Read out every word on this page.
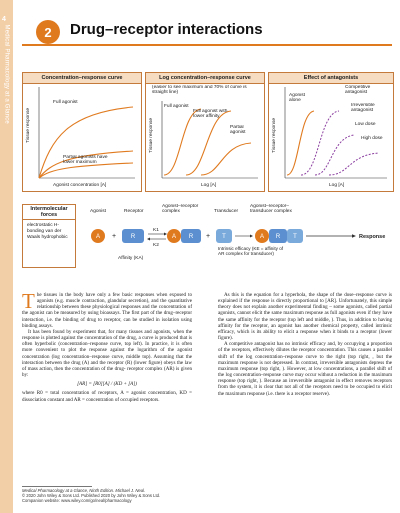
4
Medical Pharmacology at a Glance	2	Drug–receptor interactions
Concentration–response curve
Full agonist
Partial agonists have lower maximum
Tissue response
Agonist concentration [A]
Log concentration–response curve
(easier to see maximum and 70% of curve is straight line)
Full agonist
Full agonist with lower affinity
Partial agonist
Tissue response
Log [A]
Effect of antagonists
Competitive antagonist
Agonist alone
Irreversible antagonist
Low dose
High dose
Tissue response
Log [A]
Intermolecular forces
electrostatic H-bonding van der Waals hydrophobic
Agonist	Receptor
Agonist–receptor complex	Transducer
Agonist–receptor–transducer complex
A + R
K1
K2
A R + T	A R T	Response
Affinity (KA)
Intrinsic efficacy (KE = affinity of AR complex for transducer)

The tissues in the body have only a few basic responses when exposed to agonists (e.g. muscle contraction, glandular secretion), and the quantitative relationship between these physiological responses and the concentration of the agonist can be measured by using bioassays. The first part of the drug–receptor interaction, i.e. the binding of drug to receptor, can be studied in isolation using binding assays.

It has been found by experiment that, for many tissues and agonists, when the response is plotted against the concentration of the drug, a curve is produced that is often hyperbolic (concentration–response curve, top left). In practice, it is often more convenient to plot the response against the logarithm of the agonist concentration (log concentration–response curve, middle top). Assuming that the interaction between the drug (A) and the receptor (R) (lower figure) obeys the law of mass action, then the concentration of the drug- receptor complex (AR) is given by:

[AR] = [R0][A] / (KD + [A])

where R0 = total concentration of receptors, A = agonist concentration, KD = dissociation constant and AR = concentration of occupied receptors.

As this is the equation for a hyperbola, the shape of the dose–response curve is explained if the response is directly proportional to [AR]. Unfortunately, this simple theory does not explain another experimental finding – some agonists, called partial agonists, cannot elicit the same maximum response as full agonists even if they have the same affinity for the receptor (top left and middle, ). Thus, in addition to having affinity for the receptor, an agonist has another chemical property, called intrinsic efficacy, which is its ability to elicit a response when it binds to a receptor (lower figure).

A competitive antagonist has no intrinsic efficacy and, by occupying a proportion of the receptors, effectively dilutes the receptor concentration. This causes a parallel shift of the log concentration–response curve to the right (top right, , but the maximum response is not depressed. In contrast, irreversible antagonists depress the maximum response (top right, ). However, at low concentrations, a parallel shift of the log concentration–response curve may occur without a reduction in the maximum response (top right, ). Because an irreversible antagonist in effect removes receptors from the system, it is clear that not all of the receptors need to be occupied to elicit the maximum response (i.e. there is a receptor reserve).

Medical Pharmacology at a Glance, Ninth Edition. Michael J. Neal.
© 2020 John Wiley & Sons Ltd. Published 2020 by John Wiley & Sons Ltd.
Companion website: www.wiley.com/go/neal/pharmacology
